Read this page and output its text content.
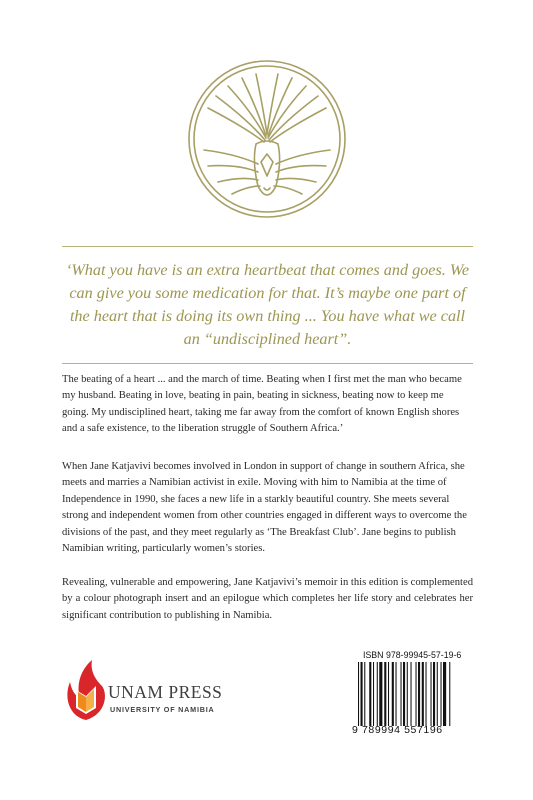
‘What you have is an extra heartbeat that comes and goes. We can give you some medication for that. It’s maybe one part of the heart that is doing its own thing ... You have what we call an “undisciplined heart”.
The beating of a heart ... and the march of time. Beating when I first met the man who became my husband. Beating in love, beating in pain, beating in sickness, beating now to keep me going. My undisciplined heart, taking me far away from the comfort of known English shores and a safe existence, to the liberation struggle of Southern Africa.’
When Jane Katjavivi becomes involved in London in support of change in southern Africa, she meets and marries a Namibian activist in exile. Moving with him to Namibia at the time of Independence in 1990, she faces a new life in a starkly beautiful country. She meets several strong and independent women from other countries engaged in different ways to overcome the divisions of the past, and they meet regularly as ‘The Breakfast Club’. Jane begins to publish Namibian writing, particularly women’s stories.
Revealing, vulnerable and empowering, Jane Katjavivi’s memoir in this edition is complemented by a colour photograph insert and an epilogue which completes her life story and celebrates her significant contribution to publishing in Namibia.
UNAM PRESS
UNIVERSITY OF NAMIBIA
ISBN 978-99945-57-19-6
9 789994 557196
